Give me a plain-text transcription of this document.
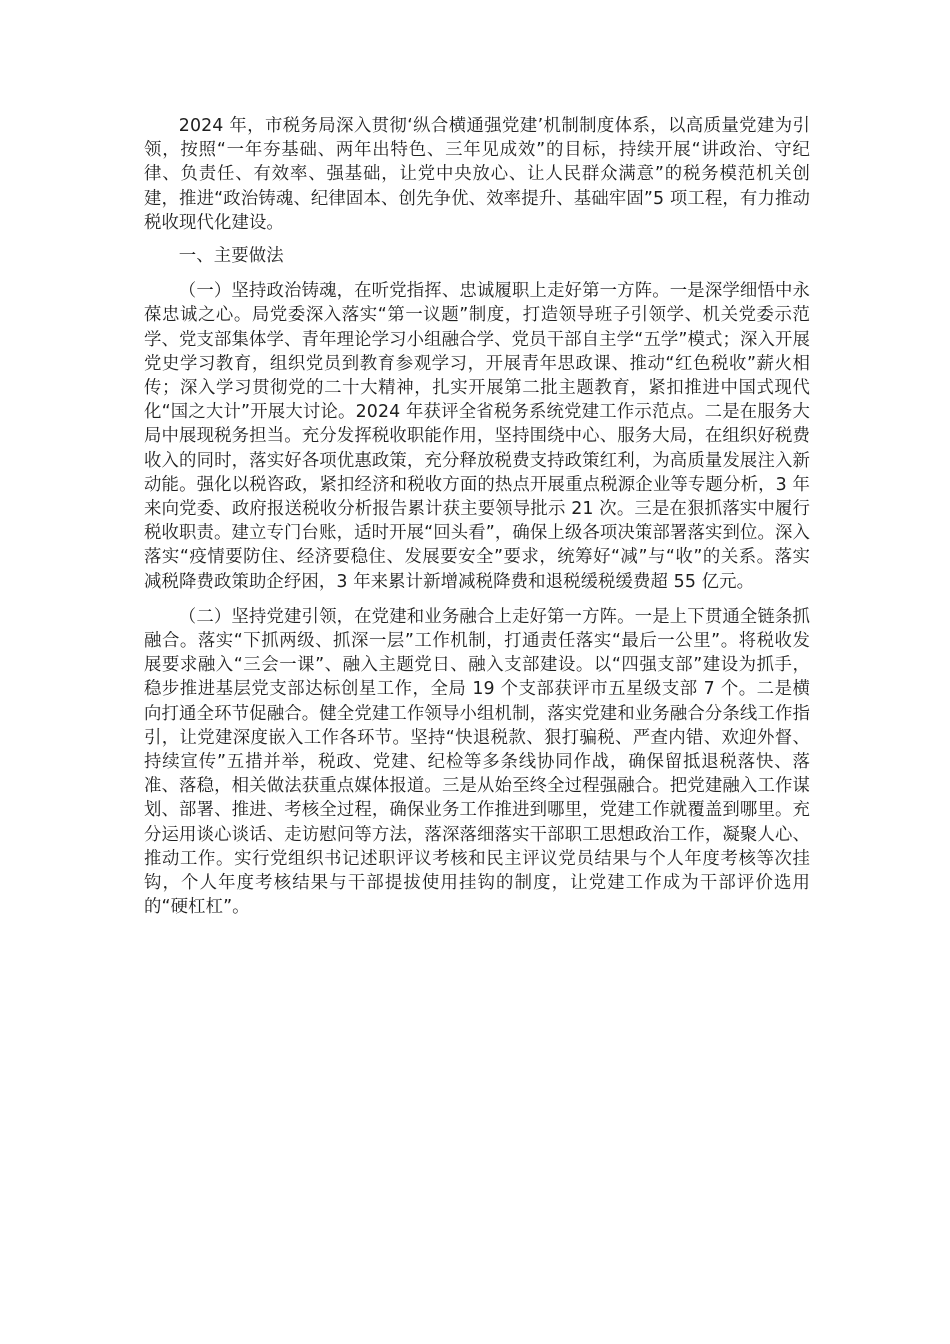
2024 年，市税务局深入贯彻‘纵合横通强党建’机制制度体系，以高质量党建为引领，按照“一年夯基础、两年出特色、三年见成效”的目标，持续开展“讲政治、守纪律、负责任、有效率、强基础，让党中央放心、让人民群众满意”的税务模范机关创建，推进“政治铸魂、纪律固本、创先争优、效率提升、基础牢固”5 项工程，有力推动税收现代化建设。

一、主要做法

（一）坚持政治铸魂，在听党指挥、忠诚履职上走好第一方阵。一是深学细悟中永葆忠诚之心。局党委深入落实“第一议题”制度，打造领导班子引领学、机关党委示范学、党支部集体学、青年理论学习小组融合学、党员干部自主学“五学”模式；深入开展党史学习教育，组织党员到教育参观学习，开展青年思政课、推动“红色税收”薪火相传；深入学习贯彻党的二十大精神，扎实开展第二批主题教育，紧扣推进中国式现代化“国之大计”开展大讨论。2024 年获评全省税务系统党建工作示范点。二是在服务大局中展现税务担当。充分发挥税收职能作用，坚持围绕中心、服务大局，在组织好税费收入的同时，落实好各项优惠政策，充分释放税费支持政策红利，为高质量发展注入新动能。强化以税咨政，紧扣经济和税收方面的热点开展重点税源企业等专题分析，3 年来向党委、政府报送税收分析报告累计获主要领导批示 21 次。三是在狠抓落实中履行税收职责。建立专门台账，适时开展“回头看”，确保上级各项决策部署落实到位。深入落实“疫情要防住、经济要稳住、发展要安全”要求，统筹好“减”与“收”的关系。落实减税降费政策助企纾困，3 年来累计新增减税降费和退税缓税缓费超 55 亿元。

（二）坚持党建引领，在党建和业务融合上走好第一方阵。一是上下贯通全链条抓融合。落实“下抓两级、抓深一层”工作机制，打通责任落实“最后一公里”。将税收发展要求融入“三会一课”、融入主题党日、融入支部建设。以“四强支部”建设为抓手，稳步推进基层党支部达标创星工作，全局 19 个支部获评市五星级支部 7 个。二是横向打通全环节促融合。健全党建工作领导小组机制，落实党建和业务融合分条线工作指引，让党建深度嵌入工作各环节。坚持“快退税款、狠打骗税、严查内错、欢迎外督、持续宣传”五措并举，税政、党建、纪检等多条线协同作战，确保留抵退税落快、落准、落稳，相关做法获重点媒体报道。三是从始至终全过程强融合。把党建融入工作谋划、部署、推进、考核全过程，确保业务工作推进到哪里，党建工作就覆盖到哪里。充分运用谈心谈话、走访慰问等方法，落深落细落实干部职工思想政治工作，凝聚人心、推动工作。实行党组织书记述职评议考核和民主评议党员结果与个人年度考核等次挂钩，个人年度考核结果与干部提拔使用挂钩的制度，让党建工作成为干部评价选用的“硬杠杠”。
